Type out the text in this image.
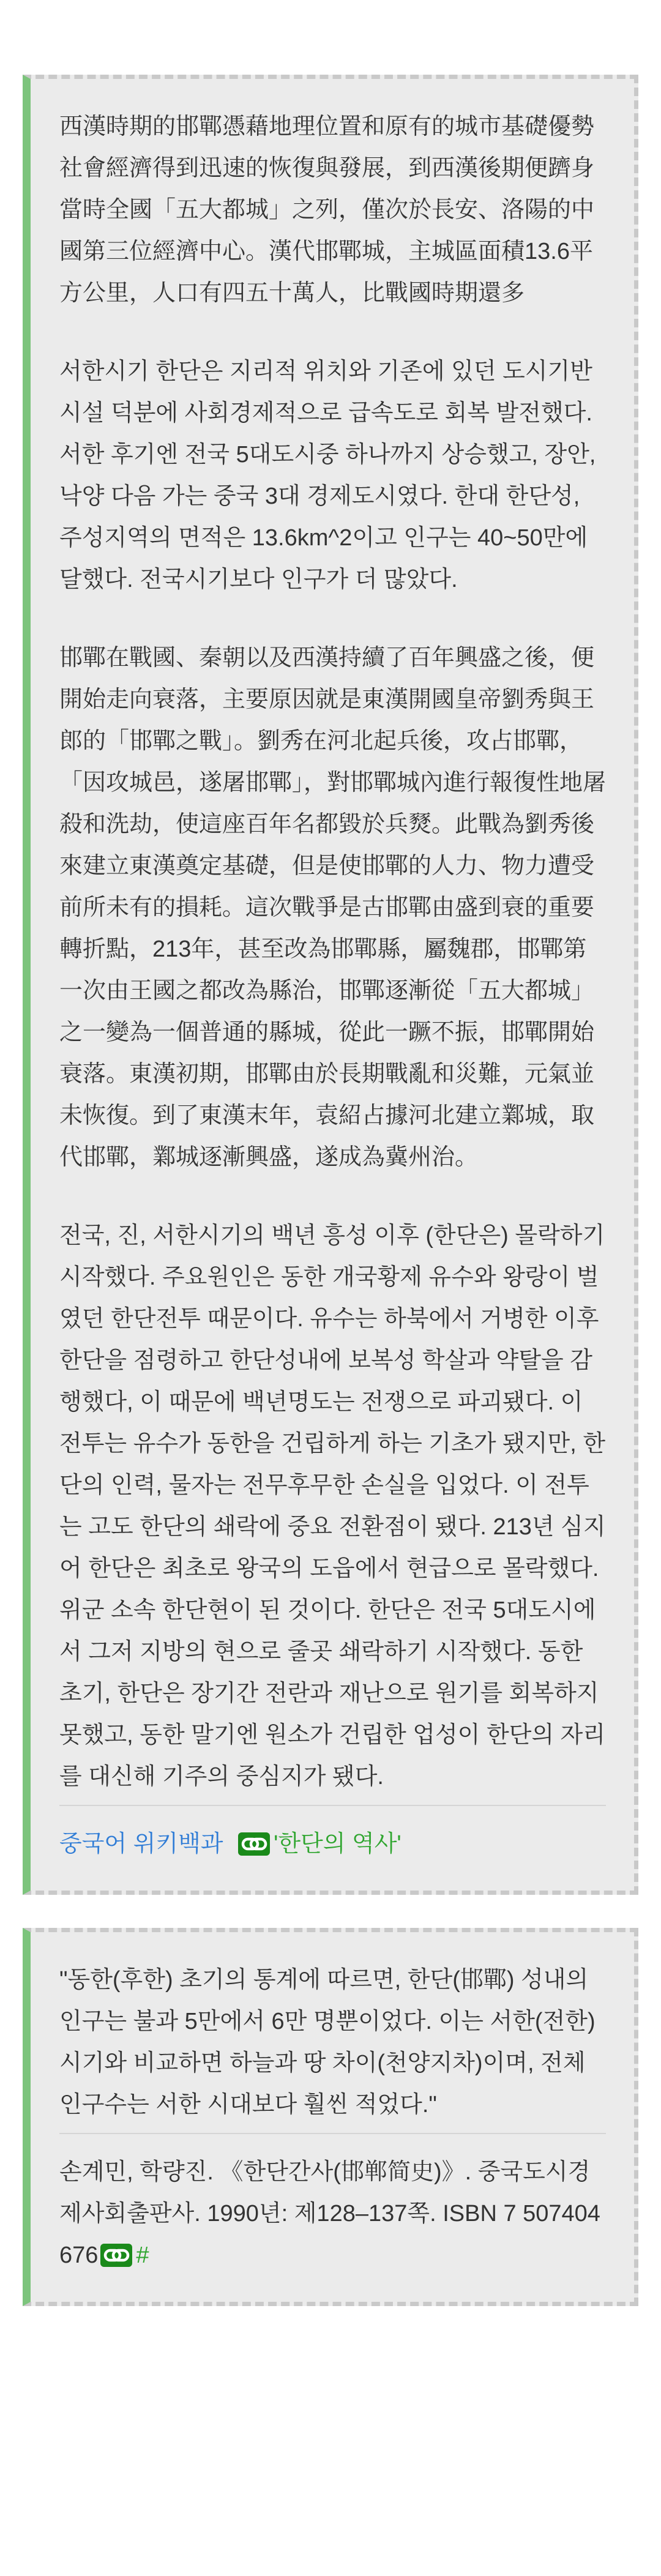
西漢時期的邯鄲憑藉地理位置和原有的城市基礎優勢社會經濟得到迅速的恢復與發展，到西漢後期便躋身當時全國「五大都城」之列，僅次於長安、洛陽的中國第三位經濟中心。漢代邯鄲城，主城區面積13.6平方公里，人口有四五十萬人，比戰國時期還多

서한시기 한단은 지리적 위치와 기존에 있던 도시기반 시설 덕분에 사회경제적으로 급속도로 회복 발전했다. 서한 후기엔 전국 5대도시중 하나까지 상승했고, 장안, 낙양 다음 가는 중국 3대 경제도시였다. 한대 한단성, 주성지역의 면적은 13.6km^2이고 인구는 40~50만에 달했다. 전국시기보다 인구가 더 많았다.

邯鄲在戰國、秦朝以及西漢持續了百年興盛之後，便開始走向衰落，主要原因就是東漢開國皇帝劉秀與王郎的「邯鄲之戰」。劉秀在河北起兵後，攻占邯鄲，「因攻城邑，遂屠邯鄲」，對邯鄲城內進行報復性地屠殺和洗劫，使這座百年名都毀於兵燹。此戰為劉秀後來建立東漢奠定基礎，但是使邯鄲的人力、物力遭受前所未有的損耗。這次戰爭是古邯鄲由盛到衰的重要轉折點，213年，甚至改為邯鄲縣，屬魏郡，邯鄲第一次由王國之都改為縣治，邯鄲逐漸從「五大都城」之一變為一個普通的縣城，從此一蹶不振，邯鄲開始衰落。東漢初期，邯鄲由於長期戰亂和災難，元氣並未恢復。到了東漢末年，袁紹占據河北建立鄴城，取代邯鄲，鄴城逐漸興盛，遂成為冀州治。

전국, 진, 서한시기의 백년 흥성 이후 (한단은) 몰락하기 시작했다. 주요원인은 동한 개국황제 유수와 왕랑이 벌였던 한단전투 때문이다. 유수는 하북에서 거병한 이후 한단을 점령하고 한단성내에 보복성 학살과 약탈을 감행했다, 이 때문에 백년명도는 전쟁으로 파괴됐다. 이 전투는 유수가 동한을 건립하게 하는 기초가 됐지만, 한단의 인력, 물자는 전무후무한 손실을 입었다. 이 전투는 고도 한단의 쇄락에 중요 전환점이 됐다. 213년 심지어 한단은 최초로 왕국의 도읍에서 현급으로 몰락했다. 위군 소속 한단현이 된 것이다. 한단은 전국 5대도시에서 그저 지방의 현으로 줄곳 쇄락하기 시작했다. 동한 초기, 한단은 장기간 전란과 재난으로 원기를 회복하지 못했고, 동한 말기엔 원소가 건립한 업성이 한단의 자리를 대신해 기주의 중심지가 됐다.

중국어 위키백과 '한단의 역사'

"동한(후한) 초기의 통계에 따르면, 한단(邯鄲) 성내의 인구는 불과 5만에서 6만 명뿐이었다. 이는 서한(전한) 시기와 비교하면 하늘과 땅 차이(천양지차)이며, 전체 인구수는 서한 시대보다 훨씬 적었다."

손계민, 학량진. 《한단간사(邯郸简史)》. 중국도시경제사회출판사. 1990년: 제128–137쪽. ISBN 7 507404676 #
